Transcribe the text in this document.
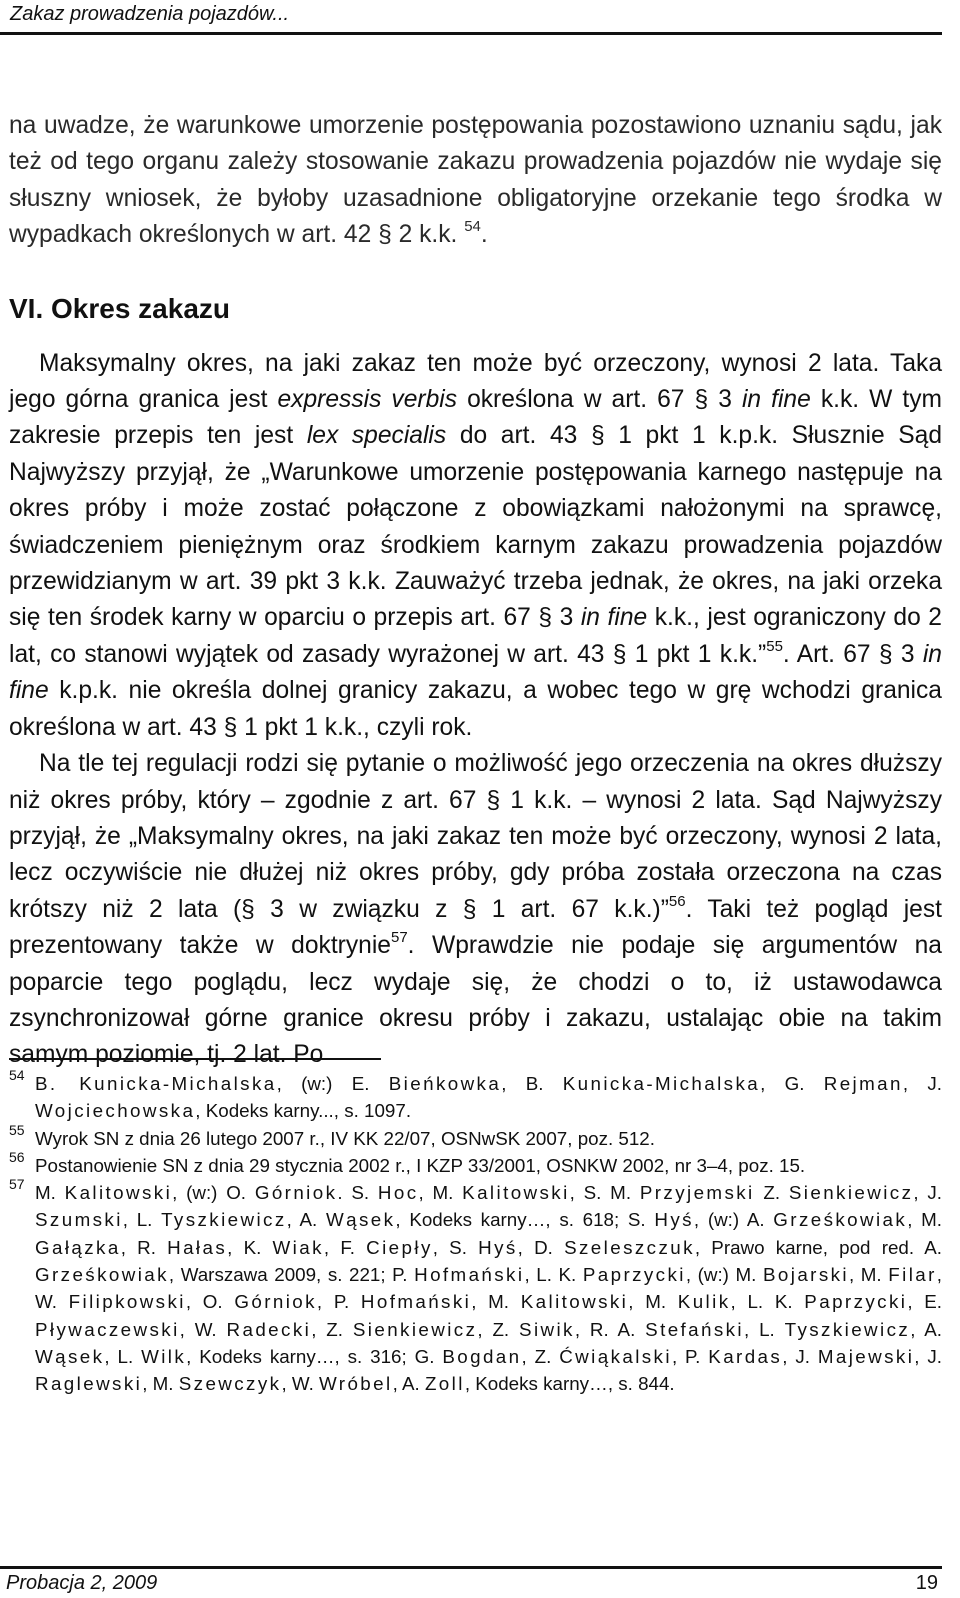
Zakaz prowadzenia pojazdów...

na uwadze, że warunkowe umorzenie postępowania pozostawiono uznaniu sądu, jak też od tego organu zależy stosowanie zakazu prowadzenia pojazdów nie wydaje się słuszny wniosek, że byłoby uzasadnione obligatoryjne orzekanie tego środka w wypadkach określonych w art. 42 § 2 k.k. $^{54}$.

VI. Okres zakazu

Maksymalny okres, na jaki zakaz ten może być orzeczony, wynosi 2 lata. Taka jego górna granica jest expressis verbis określona w art. 67 § 3 in fine k.k. W tym zakresie przepis ten jest lex specialis do art. 43 § 1 pkt 1 k.p.k. Słusznie Sąd Najwyższy przyjął, że „Warunkowe umorzenie postępowania karnego następuje na okres próby i może zostać połączone z obowiązkami nałożonymi na sprawcę, świadczeniem pieniężnym oraz środkiem karnym zakazu prowadzenia pojazdów przewidzianym w art. 39 pkt 3 k.k. Zauważyć trzeba jednak, że okres, na jaki orzeka się ten środek karny w oparciu o przepis art. 67 § 3 in fine k.k., jest ograniczony do 2 lat, co stanowi wyjątek od zasady wyrażonej w art. 43 § 1 pkt 1 k.k.”$^{55}$. Art. 67 § 3 in fine k.p.k. nie określa dolnej granicy zakazu, a wobec tego w grę wchodzi granica określona w art. 43 § 1 pkt 1 k.k., czyli rok.

Na tle tej regulacji rodzi się pytanie o możliwość jego orzeczenia na okres dłuższy niż okres próby, który – zgodnie z art. 67 § 1 k.k. – wynosi 2 lata. Sąd Najwyższy przyjął, że „Maksymalny okres, na jaki zakaz ten może być orzeczony, wynosi 2 lata, lecz oczywiście nie dłużej niż okres próby, gdy próba została orzeczona na czas krótszy niż 2 lata (§ 3 w związku z § 1 art. 67 k.k.)”$^{56}$. Taki też pogląd jest prezentowany także w doktrynie$^{57}$. Wprawdzie nie podaje się argumentów na poparcie tego poglądu, lecz wydaje się, że chodzi o to, iż ustawodawca zsynchronizował górne granice okresu próby i zakazu, ustalając obie na takim samym poziomie, tj. 2 lat. Po

54 B. Kunicka-Michalska, (w:) E. Bieńkowka, B. Kunicka-Michalska, G. Rejman, J. Wojciechowska, Kodeks karny..., s. 1097.
55 Wyrok SN z dnia 26 lutego 2007 r., IV KK 22/07, OSNwSK 2007, poz. 512.
56 Postanowienie SN z dnia 29 stycznia 2002 r., I KZP 33/2001, OSNKW 2002, nr 3–4, poz. 15.
57 M. Kalitowski, (w:) O. Górniok. S. Hoc, M. Kalitowski, S. M. Przyjemski Z. Sienkiewicz, J. Szumski, L. Tyszkiewicz, A. Wąsek, Kodeks karny…, s. 618; S. Hyś, (w:) A. Grześkowiak, M. Gałązka, R. Hałas, K. Wiak, F. Ciepły, S. Hyś, D. Szeleszczuk, Prawo karne, pod red. A. Grześkowiak, Warszawa 2009, s. 221; P. Hofmański, L. K. Paprzycki, (w:) M. Bojarski, M. Filar, W. Filipkowski, O. Górniok, P. Hofmański, M. Kalitowski, M. Kulik, L. K. Paprzycki, E. Pływaczewski, W. Radecki, Z. Sienkiewicz, Z. Siwik, R. A. Stefański, L. Tyszkiewicz, A. Wąsek, L. Wilk, Kodeks karny…, s. 316; G. Bogdan, Z. Ćwiąkalski, P. Kardas, J. Majewski, J. Raglewski, M. Szewczyk, W. Wróbel, A. Zoll, Kodeks karny…, s. 844.
Probacja 2, 2009	19
